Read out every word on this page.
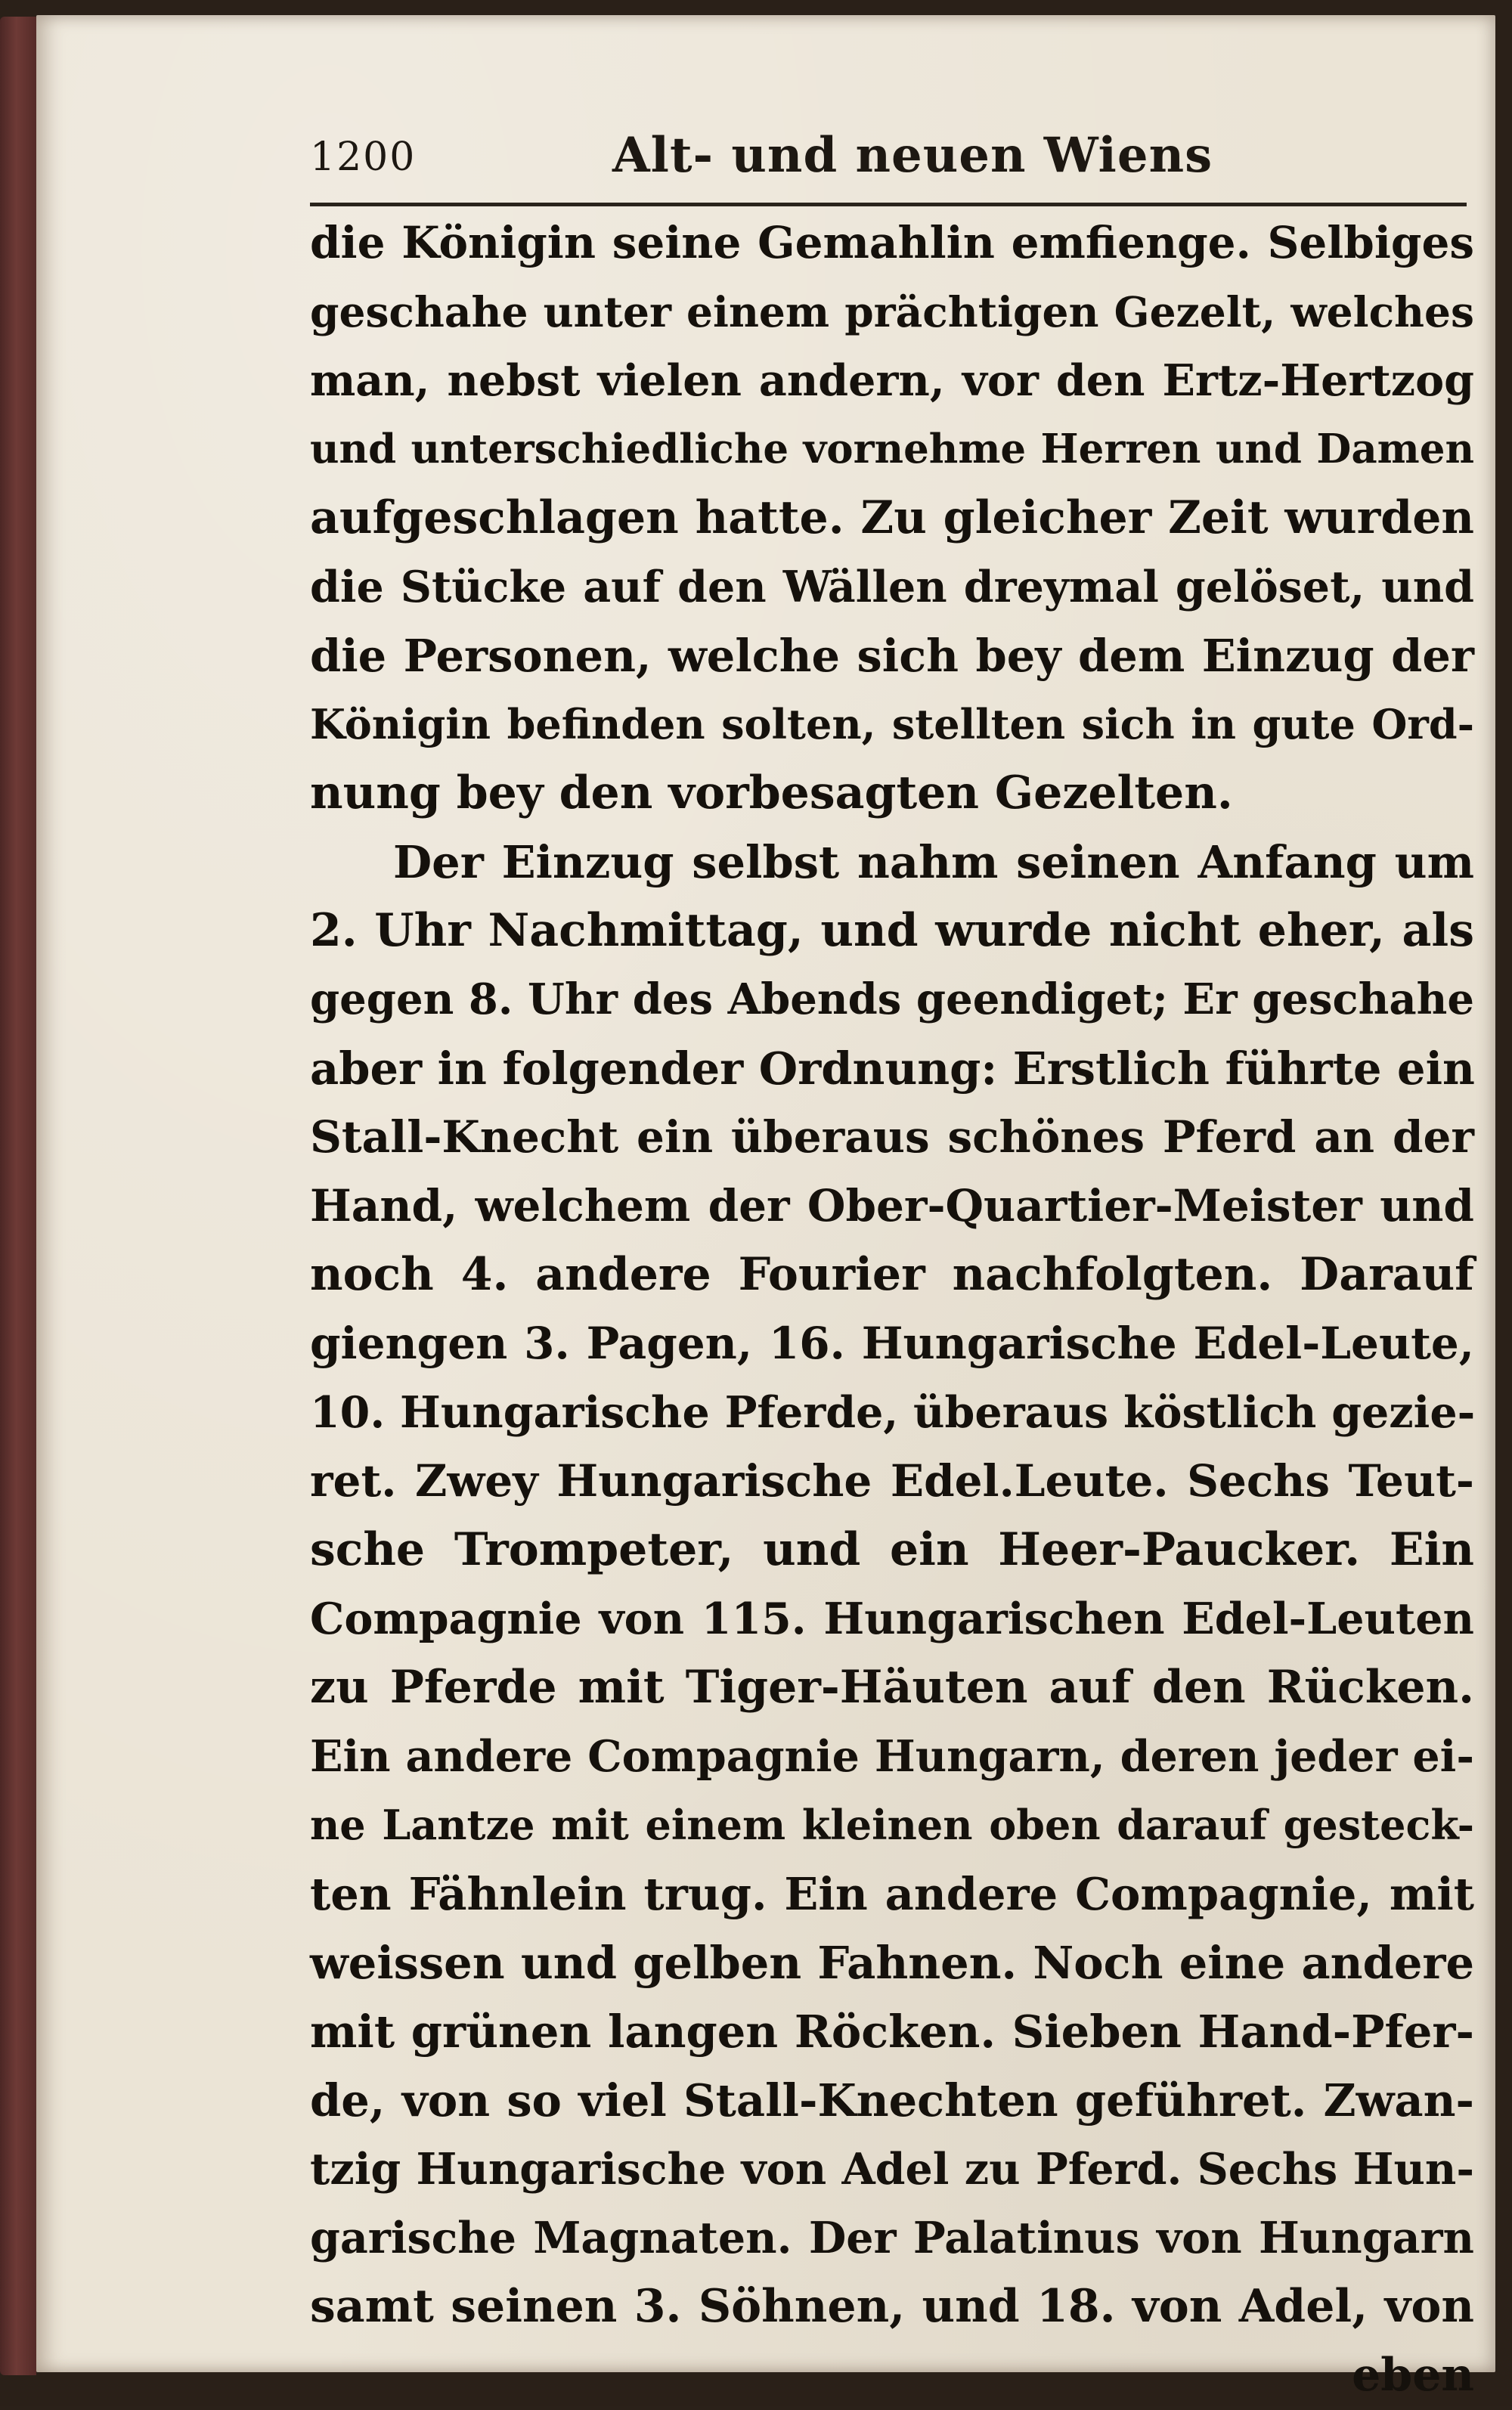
1200	Alt- und neuen Wiens
die Königin seine Gemahlin emfienge. Selbiges
geschahe unter einem prächtigen Gezelt, welches
man, nebst vielen andern, vor den Ertz-Hertzog
und unterschiedliche vornehme Herren und Damen
aufgeschlagen hatte. Zu gleicher Zeit wurden
die Stücke auf den Wällen dreymal gelöset, und
die Personen, welche sich bey dem Einzug der
Königin befinden solten, stellten sich in gute Ord-
nung bey den vorbesagten Gezelten.
Der Einzug selbst nahm seinen Anfang um
2. Uhr Nachmittag, und wurde nicht eher, als
gegen 8. Uhr des Abends geendiget; Er geschahe
aber in folgender Ordnung: Erstlich führte ein
Stall-Knecht ein überaus schönes Pferd an der
Hand, welchem der Ober-Quartier-Meister und
noch 4. andere Fourier nachfolgten. Darauf
giengen 3. Pagen, 16. Hungarische Edel-Leute,
10. Hungarische Pferde, überaus köstlich gezie-
ret. Zwey Hungarische Edel.Leute. Sechs Teut-
sche Trompeter, und ein Heer-Paucker. Ein
Compagnie von 115. Hungarischen Edel-Leuten
zu Pferde mit Tiger-Häuten auf den Rücken.
Ein andere Compagnie Hungarn, deren jeder ei-
ne Lantze mit einem kleinen oben darauf gesteck-
ten Fähnlein trug. Ein andere Compagnie, mit
weissen und gelben Fahnen. Noch eine andere
mit grünen langen Röcken. Sieben Hand-Pfer-
de, von so viel Stall-Knechten geführet. Zwan-
tzig Hungarische von Adel zu Pferd. Sechs Hun-
garische Magnaten. Der Palatinus von Hungarn
samt seinen 3. Söhnen, und 18. von Adel, von
eben
